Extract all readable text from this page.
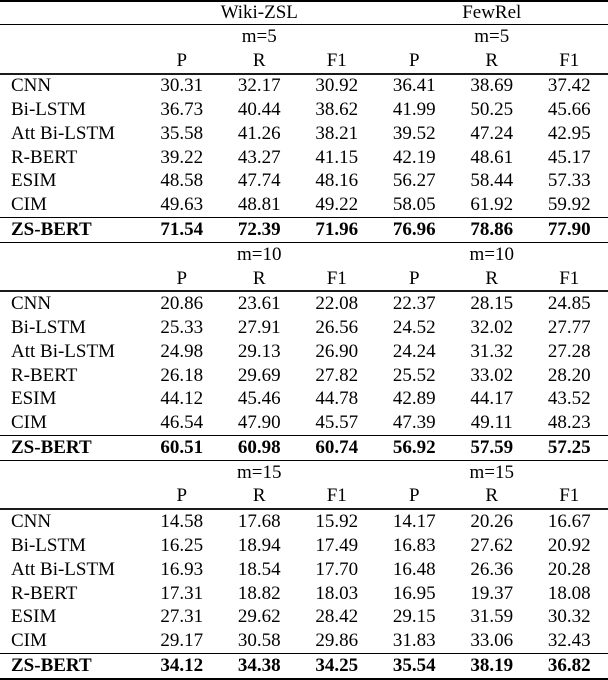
	Wiki-ZSL			FewRel		
	m=5			m=5		
	P	R	F1	P	R	F1
CNN	30.31	32.17	30.92	36.41	38.69	37.42
Bi-LSTM	36.73	40.44	38.62	41.99	50.25	45.66
Att Bi-LSTM	35.58	41.26	38.21	39.52	47.24	42.95
R-BERT	39.22	43.27	41.15	42.19	48.61	45.17
ESIM	48.58	47.74	48.16	56.27	58.44	57.33
CIM	49.63	48.81	49.22	58.05	61.92	59.92
ZS-BERT	71.54	72.39	71.96	76.96	78.86	77.90
	m=10			m=10		
	P	R	F1	P	R	F1
CNN	20.86	23.61	22.08	22.37	28.15	24.85
Bi-LSTM	25.33	27.91	26.56	24.52	32.02	27.77
Att Bi-LSTM	24.98	29.13	26.90	24.24	31.32	27.28
R-BERT	26.18	29.69	27.82	25.52	33.02	28.20
ESIM	44.12	45.46	44.78	42.89	44.17	43.52
CIM	46.54	47.90	45.57	47.39	49.11	48.23
ZS-BERT	60.51	60.98	60.74	56.92	57.59	57.25
	m=15			m=15		
	P	R	F1	P	R	F1
CNN	14.58	17.68	15.92	14.17	20.26	16.67
Bi-LSTM	16.25	18.94	17.49	16.83	27.62	20.92
Att Bi-LSTM	16.93	18.54	17.70	16.48	26.36	20.28
R-BERT	17.31	18.82	18.03	16.95	19.37	18.08
ESIM	27.31	29.62	28.42	29.15	31.59	30.32
CIM	29.17	30.58	29.86	31.83	33.06	32.43
ZS-BERT	34.12	34.38	34.25	35.54	38.19	36.82
